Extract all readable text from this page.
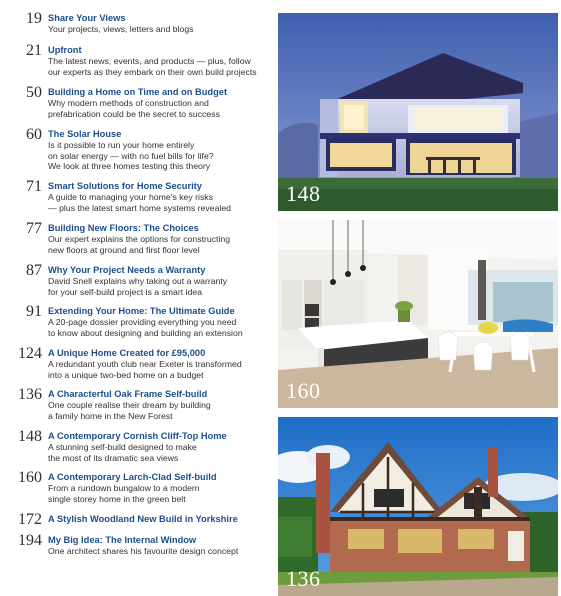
19 Share Your Views
Your projects, views, letters and blogs
21 Upfront
The latest news, events, and products — plus, follow
our experts as they embark on their own build projects
50 Building a Home on Time and on Budget
Why modern methods of construction and
prefabrication could be the secret to success
60 The Solar House
Is it possible to run your home entirely
on solar energy — with no fuel bills for life?
We look at three homes testing this theory
71 Smart Solutions for Home Security
A guide to managing your home’s key risks
— plus the latest smart home systems revealed
77 Building New Floors: The Choices
Our expert explains the options for constructing
new floors at ground and first floor level
87 Why Your Project Needs a Warranty
David Snell explains why taking out a warranty
for your self-build project is a smart idea
91 Extending Your Home: The Ultimate Guide
A 20-page dossier providing everything you need
to know about designing and building an extension
124 A Unique Home Created for £95,000
A redundant youth club near Exeter is transformed
into a unique two-bed home on a budget
136 A Characterful Oak Frame Self-build
One couple realise their dream by building
a family home in the New Forest
148 A Contemporary Cornish Cliff-Top Home
A stunning self-build designed to make
the most of its dramatic sea views
160 A Contemporary Larch-Clad Self-build
From a rundown bungalow to a modern
single storey home in the green belt
172 A Stylish Woodland New Build in Yorkshire
194 My Big Idea: The Internal Window
One architect shares his favourite design concept
148
160
136
